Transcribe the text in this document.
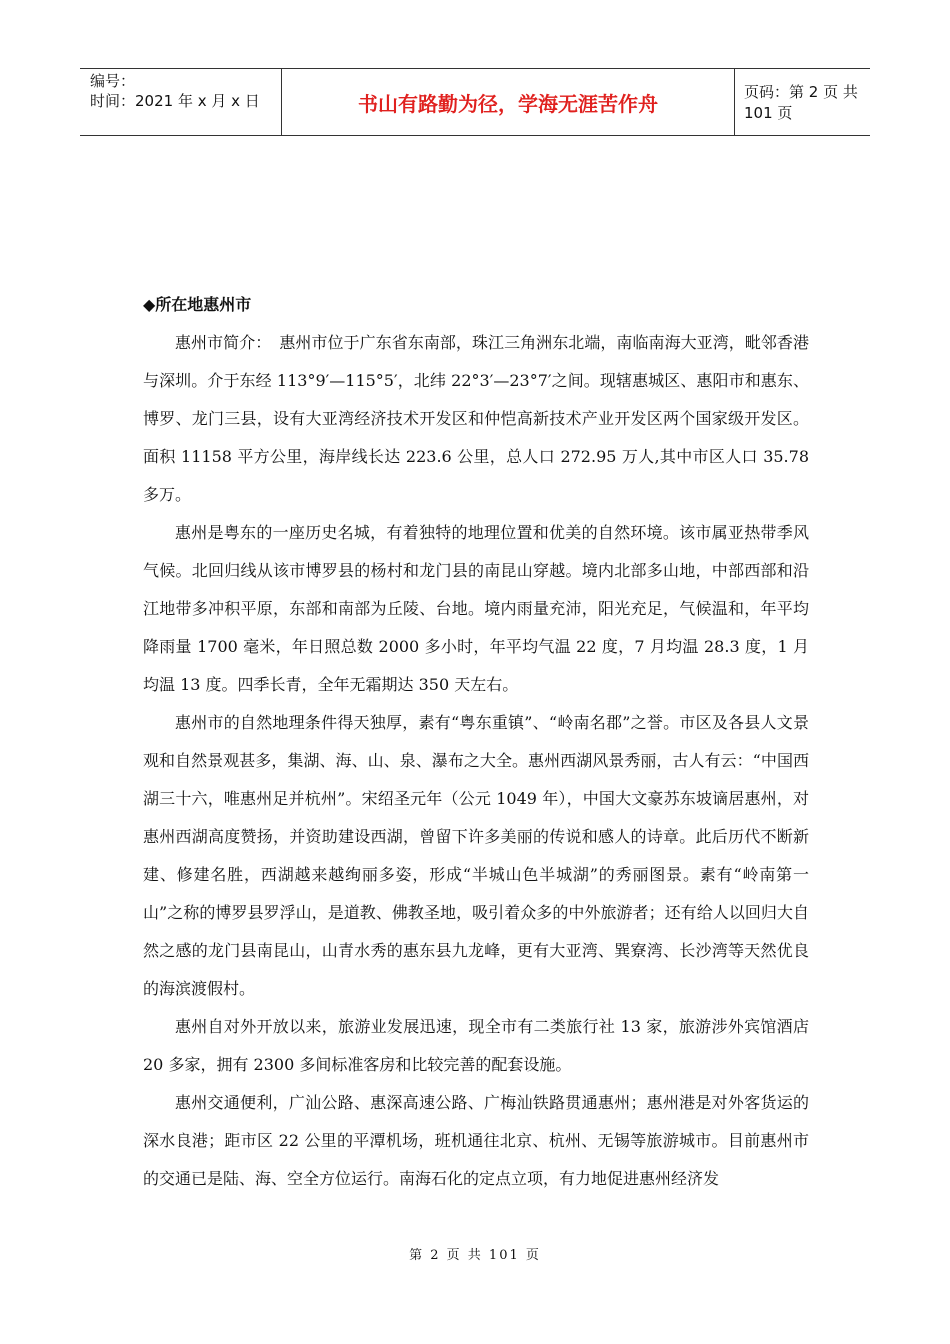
编号：
时间：2021 年 x 月 x 日	书山有路勤为径，学海无涯苦作舟	页码：第 2 页 共 101 页
◆所在地惠州市

惠州市简介：　惠州市位于广东省东南部，珠江三角洲东北端，南临南海大亚湾，毗邻香港与深圳。介于东经 113°9′—115°5′，北纬 22°3′—23°7′之间。现辖惠城区、惠阳市和惠东、博罗、龙门三县，设有大亚湾经济技术开发区和仲恺高新技术产业开发区两个国家级开发区。面积 11158 平方公里，海岸线长达 223.6 公里，总人口 272.95 万人,其中市区人口 35.78 多万。

惠州是粤东的一座历史名城，有着独特的地理位置和优美的自然环境。该市属亚热带季风气候。北回归线从该市博罗县的杨村和龙门县的南昆山穿越。境内北部多山地，中部西部和沿江地带多冲积平原，东部和南部为丘陵、台地。境内雨量充沛，阳光充足，气候温和，年平均降雨量 1700 毫米，年日照总数 2000 多小时，年平均气温 22 度，7 月均温 28.3 度，1 月均温 13 度。四季长青，全年无霜期达 350 天左右。

惠州市的自然地理条件得天独厚，素有“粤东重镇”、“岭南名郡”之誉。市区及各县人文景观和自然景观甚多，集湖、海、山、泉、瀑布之大全。惠州西湖风景秀丽，古人有云：“中国西湖三十六，唯惠州足并杭州”。宋绍圣元年（公元 1049 年），中国大文豪苏东坡谪居惠州，对惠州西湖高度赞扬，并资助建设西湖，曾留下许多美丽的传说和感人的诗章。此后历代不断新建、修建名胜，西湖越来越绚丽多姿，形成“半城山色半城湖”的秀丽图景。素有“岭南第一山”之称的博罗县罗浮山，是道教、佛教圣地，吸引着众多的中外旅游者；还有给人以回归大自然之感的龙门县南昆山，山青水秀的惠东县九龙峰，更有大亚湾、巽寮湾、长沙湾等天然优良的海滨渡假村。

惠州自对外开放以来，旅游业发展迅速，现全市有二类旅行社 13 家，旅游涉外宾馆酒店 20 多家，拥有 2300 多间标准客房和比较完善的配套设施。

惠州交通便利，广汕公路、惠深高速公路、广梅汕铁路贯通惠州；惠州港是对外客货运的深水良港；距市区 22 公里的平潭机场，班机通往北京、杭州、无锡等旅游城市。目前惠州市的交通已是陆、海、空全方位运行。南海石化的定点立项，有力地促进惠州经济发

第 2 页 共 101 页
